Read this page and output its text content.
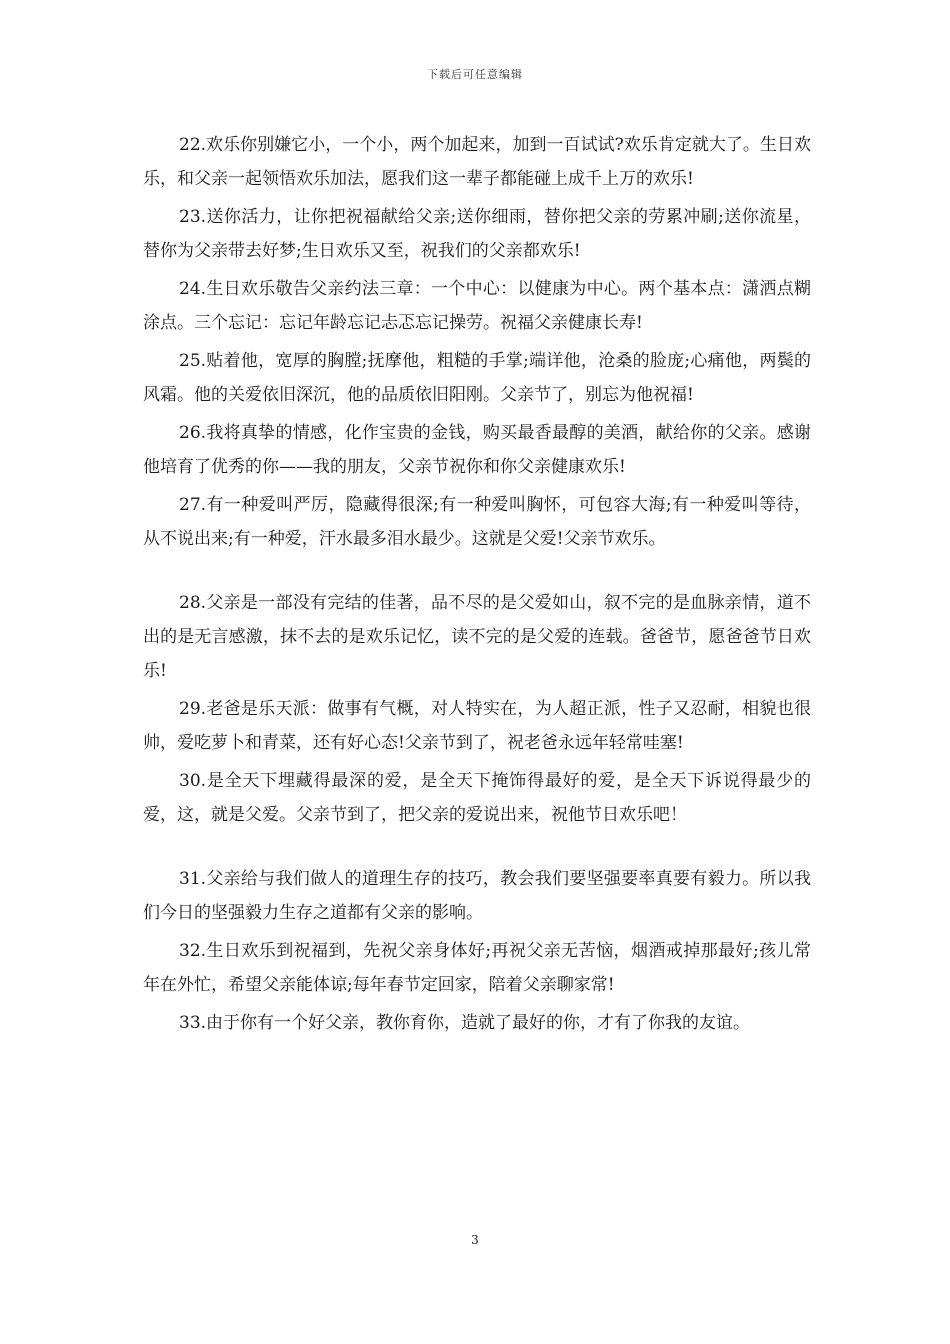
下载后可任意编辑

22.欢乐你别嫌它小，一个小，两个加起来，加到一百试试?欢乐肯定就大了。生日欢乐，和父亲一起领悟欢乐加法，愿我们这一辈子都能碰上成千上万的欢乐!

23.送你活力，让你把祝福献给父亲;送你细雨，替你把父亲的劳累冲刷;送你流星，替你为父亲带去好梦;生日欢乐又至，祝我们的父亲都欢乐!

24.生日欢乐敬告父亲约法三章：一个中心：以健康为中心。两个基本点：潇洒点糊涂点。三个忘记：忘记年龄忘记忐忑忘记操劳。祝福父亲健康长寿!

25.贴着他，宽厚的胸膛;抚摩他，粗糙的手掌;端详他，沧桑的脸庞;心痛他，两鬓的风霜。他的关爱依旧深沉，他的品质依旧阳刚。父亲节了，别忘为他祝福!

26.我将真挚的情感，化作宝贵的金钱，购买最香最醇的美酒，献给你的父亲。感谢他培育了优秀的你——我的朋友，父亲节祝你和你父亲健康欢乐!

27.有一种爱叫严厉，隐藏得很深;有一种爱叫胸怀，可包容大海;有一种爱叫等待，从不说出来;有一种爱，汗水最多泪水最少。这就是父爱!父亲节欢乐。

28.父亲是一部没有完结的佳著，品不尽的是父爱如山，叙不完的是血脉亲情，道不出的是无言感激，抹不去的是欢乐记忆，读不完的是父爱的连载。爸爸节，愿爸爸节日欢乐!

29.老爸是乐天派：做事有气概，对人特实在，为人超正派，性子又忍耐，相貌也很帅，爱吃萝卜和青菜，还有好心态!父亲节到了，祝老爸永远年轻常哇塞!

30.是全天下埋藏得最深的爱，是全天下掩饰得最好的爱，是全天下诉说得最少的爱，这，就是父爱。父亲节到了，把父亲的爱说出来，祝他节日欢乐吧！

31.父亲给与我们做人的道理生存的技巧，教会我们要坚强要率真要有毅力。所以我们今日的坚强毅力生存之道都有父亲的影响。

32.生日欢乐到祝福到，先祝父亲身体好;再祝父亲无苦恼，烟酒戒掉那最好;孩儿常年在外忙，希望父亲能体谅;每年春节定回家，陪着父亲聊家常!

33.由于你有一个好父亲，教你育你，造就了最好的你，才有了你我的友谊。

3
